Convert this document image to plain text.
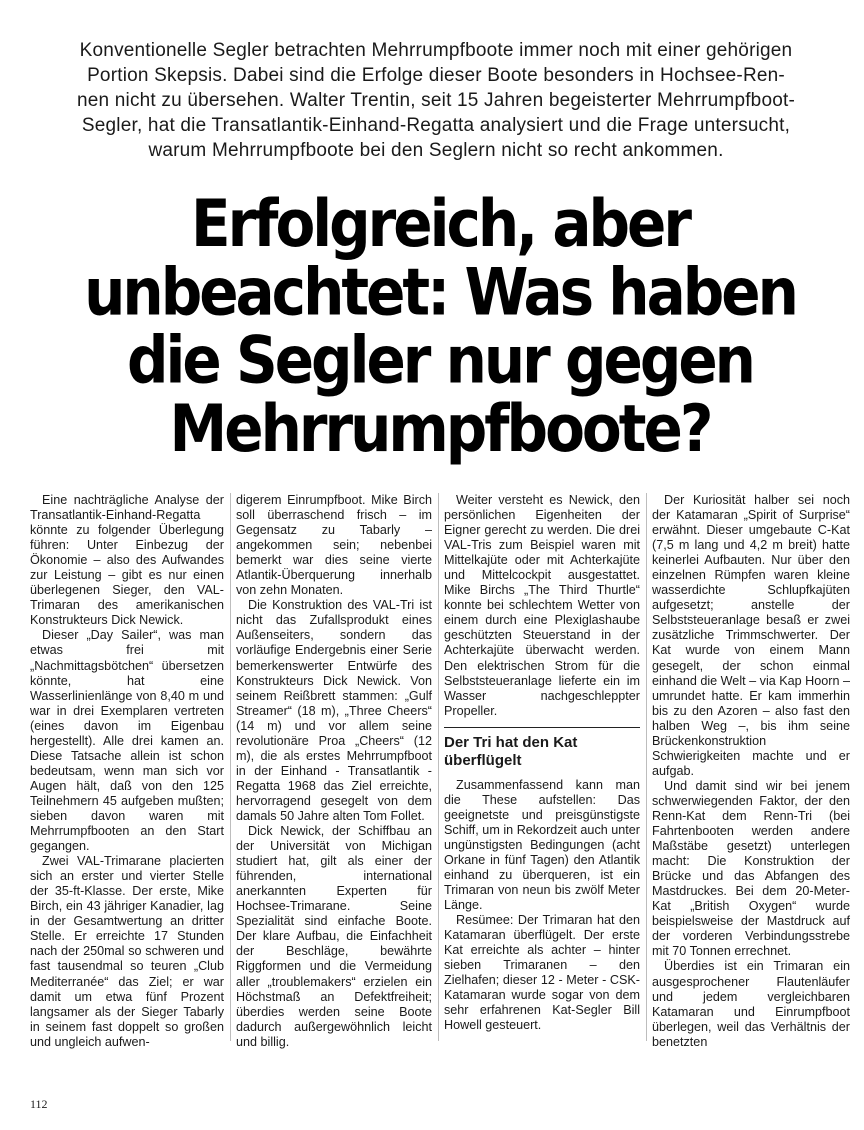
Konventionelle Segler betrachten Mehrrumpfboote immer noch mit einer gehörigen
Portion Skepsis. Dabei sind die Erfolge dieser Boote besonders in Hochsee-Ren-
nen nicht zu übersehen. Walter Trentin, seit 15 Jahren begeisterter Mehrrumpfboot-
Segler, hat die Transatlantik-Einhand-Regatta analysiert und die Frage untersucht,
warum Mehrrumpfboote bei den Seglern nicht so recht ankommen.
Erfolgreich, aber
unbeachtet: Was haben
die Segler nur gegen
Mehrrumpfboote?

Eine nachträgliche Analyse der Transatlantik-Einhand-Regatta könnte zu folgender Überlegung führen: Unter Einbezug der Ökonomie – also des Aufwandes zur Leistung – gibt es nur einen überlegenen Sieger, den VAL-Trimaran des amerikanischen Konstrukteurs Dick Newick.

Dieser „Day Sailer“, was man etwas frei mit „Nachmittagsbötchen“ übersetzen könnte, hat eine Wasserlinienlänge von 8,40 m und war in drei Exemplaren vertreten (eines davon im Eigenbau hergestellt). Alle drei kamen an. Diese Tatsache allein ist schon bedeutsam, wenn man sich vor Augen hält, daß von den 125 Teilnehmern 45 aufgeben mußten; sieben davon waren mit Mehrrumpfbooten an den Start gegangen.

Zwei VAL-Trimarane placierten sich an erster und vierter Stelle der 35-ft-Klasse. Der erste, Mike Birch, ein 43 jähriger Kanadier, lag in der Gesamtwertung an dritter Stelle. Er erreichte 17 Stunden nach der 250mal so schweren und fast tausendmal so teuren „Club Mediterranée“ das Ziel; er war damit um etwa fünf Prozent langsamer als der Sieger Tabarly in seinem fast doppelt so großen und ungleich aufwen-

digerem Einrumpfboot. Mike Birch soll überraschend frisch – im Gegensatz zu Tabarly – angekommen sein; nebenbei bemerkt war dies seine vierte Atlantik-Überquerung innerhalb von zehn Monaten.

Die Konstruktion des VAL-Tri ist nicht das Zufallsprodukt eines Außenseiters, sondern das vorläufige Endergebnis einer Serie bemerkenswerter Entwürfe des Konstrukteurs Dick Newick. Von seinem Reißbrett stammen: „Gulf Streamer“ (18 m), „Three Cheers“ (14 m) und vor allem seine revolutionäre Proa „Cheers“ (12 m), die als erstes Mehrrumpfboot in der Einhand - Transatlantik - Regatta 1968 das Ziel erreichte, hervorragend gesegelt von dem damals 50 Jahre alten Tom Follet.

Dick Newick, der Schiffbau an der Universität von Michigan studiert hat, gilt als einer der führenden, international anerkannten Experten für Hochsee-Trimarane. Seine Spezialität sind einfache Boote. Der klare Aufbau, die Einfachheit der Beschläge, bewährte Riggformen und die Vermeidung aller „troublemakers“ erzielen ein Höchstmaß an Defektfreiheit; überdies werden seine Boote dadurch außergewöhnlich leicht und billig.

Weiter versteht es Newick, den persönlichen Eigenheiten der Eigner gerecht zu werden. Die drei VAL-Tris zum Beispiel waren mit Mittelkajüte oder mit Achterkajüte und Mittelcockpit ausgestattet. Mike Birchs „The Third Thurtle“ konnte bei schlechtem Wetter von einem durch eine Plexiglashaube geschützten Steuerstand in der Achterkajüte überwacht werden. Den elektrischen Strom für die Selbststeueranlage lieferte ein im Wasser nachgeschleppter Propeller.

Der Tri hat den Kat überflügelt

Zusammenfassend kann man die These aufstellen: Das geeignetste und preisgünstigste Schiff, um in Rekordzeit auch unter ungünstigsten Bedingungen (acht Orkane in fünf Tagen) den Atlantik einhand zu überqueren, ist ein Trimaran von neun bis zwölf Meter Länge.

Resümee: Der Trimaran hat den Katamaran überflügelt. Der erste Kat erreichte als achter – hinter sieben Trimaranen – den Zielhafen; dieser 12 - Meter - CSK-Katamaran wurde sogar von dem sehr erfahrenen Kat-Segler Bill Howell gesteuert.

Der Kuriosität halber sei noch der Katamaran „Spirit of Surprise“ erwähnt. Dieser umgebaute C-Kat (7,5 m lang und 4,2 m breit) hatte keinerlei Aufbauten. Nur über den einzelnen Rümpfen waren kleine wasserdichte Schlupfkajüten aufgesetzt; anstelle der Selbststeueranlage besaß er zwei zusätzliche Trimmschwerter. Der Kat wurde von einem Mann gesegelt, der schon einmal einhand die Welt – via Kap Hoorn – umrundet hatte. Er kam immerhin bis zu den Azoren – also fast den halben Weg –, bis ihm seine Brückenkonstruktion Schwierigkeiten machte und er aufgab.

Und damit sind wir bei jenem schwerwiegenden Faktor, der den Renn-Kat dem Renn-Tri (bei Fahrtenbooten werden andere Maßstäbe gesetzt) unterlegen macht: Die Konstruktion der Brücke und das Abfangen des Mastdruckes. Bei dem 20-Meter-Kat „British Oxygen“ wurde beispielsweise der Mastdruck auf der vorderen Verbindungsstrebe mit 70 Tonnen errechnet.

Überdies ist ein Trimaran ein ausgesprochener Flautenläufer und jedem vergleichbaren Katamaran und Einrumpfboot überlegen, weil das Verhältnis der benetzten

112
